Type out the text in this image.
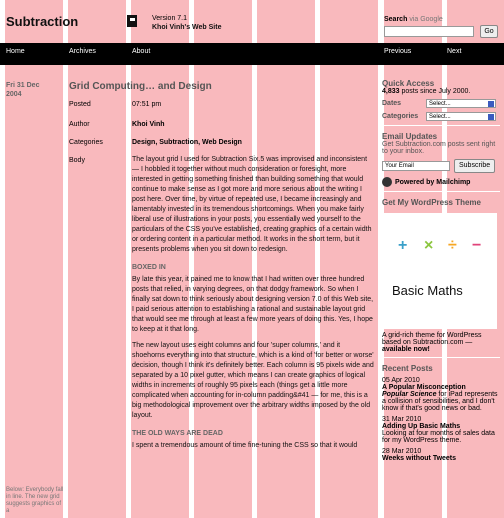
Subtraction	Version 7.1
Khoi Vinh's Web Site
Search via Google
Go
Home	Archives	About	Previous	Next
Fri 31 Dec 2004
Below: Everybody fall in line. The new grid suggests graphics of a
Grid Computing… and Design
Posted	07:51 pm
Author	Khoi Vinh
Categories	Design, Subtraction, Web Design
Body	The layout grid I used for Subtraction Six.5 was improvised and inconsistent — I hobbled it together without much consideration or foresight, more interested in getting something finished than building something that would continue to make sense as I got more and more serious about the writing I post here. Over time, by virtue of repeated use, I became increasingly and lamentably invested in its tremendous shortcomings. When you make fairly liberal use of illustrations in your posts, you essentially wed yourself to the particulars of the CSS you've established, creating graphics of a certain width or ordering content in a particular method. It works in the short term, but it presents problems when you sit down to redesign.

BOXED IN

By late this year, it pained me to know that I had written over three hundred posts that relied, in varying degrees, on that dodgy framework. So when I finally sat down to think seriously about designing version 7.0 of this Web site, I paid serious attention to establishing a rational and sustainable layout grid that would see me through at least a few more years of doing this. Yes, I hope to keep at it that long.

The new layout uses eight columns and four 'super columns,' and it shoehorns everything into that structure, which is a kind of 'for better or worse' decision, though I think it's definitely better. Each column is 95 pixels wide and separated by a 10 pixel gutter, which means I can create graphics of logical widths in increments of roughly 95 pixels each (things get a little more complicated when accounting for in-column padding&#41 — for me, this is a big methodological improvement over the arbitrary widths imposed by the old layout.

THE OLD WAYS ARE DEAD

I spent a tremendous amount of time fine-tuning the CSS so that it would

Quick Access
4,833 posts since July 2000.
Dates	Select...
Categories	Select...
Email Updates
Get Subtraction.com posts sent right to your inbox.
Your Email	Subscribe
Powered by Mailchimp
Get My WordPress Theme
+ × ÷ −
Basic Maths
A grid-rich theme for WordPress based on Subtraction.com — available now!
Recent Posts
05 Apr 2010
A Popular Misconception
Popular Science for iPad represents a collision of sensibilities, and I don't know if that's good news or bad.
31 Mar 2010
Adding Up Basic Maths
Looking at four months of sales data for my WordPress theme.
28 Mar 2010
Weeks without Tweets
